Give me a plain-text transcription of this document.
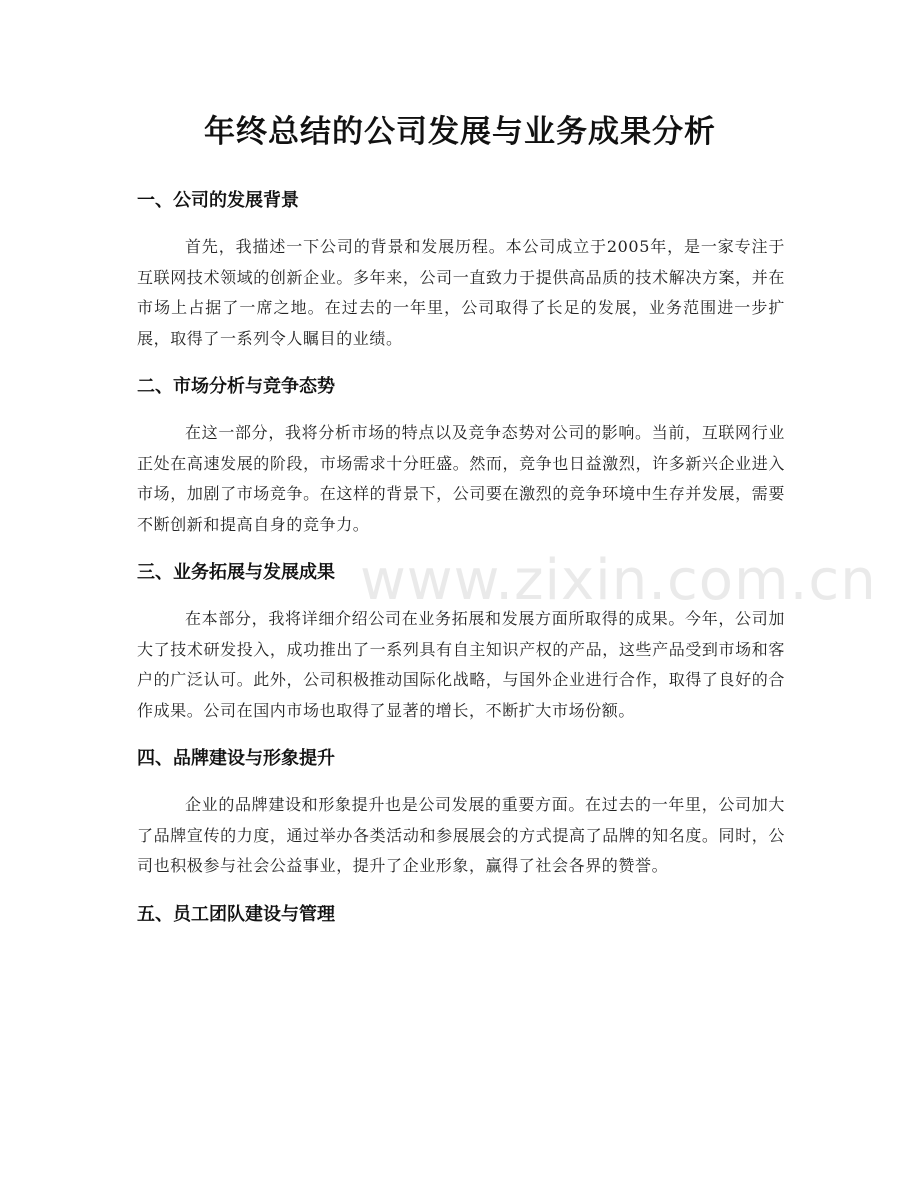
年终总结的公司发展与业务成果分析
一、公司的发展背景

首先，我描述一下公司的背景和发展历程。本公司成立于2005年，是一家专注于互联网技术领域的创新企业。多年来，公司一直致力于提供高品质的技术解决方案，并在市场上占据了一席之地。在过去的一年里，公司取得了长足的发展，业务范围进一步扩展，取得了一系列令人瞩目的业绩。

二、市场分析与竞争态势

在这一部分，我将分析市场的特点以及竞争态势对公司的影响。当前，互联网行业正处在高速发展的阶段，市场需求十分旺盛。然而，竞争也日益激烈，许多新兴企业进入市场，加剧了市场竞争。在这样的背景下，公司要在激烈的竞争环境中生存并发展，需要不断创新和提高自身的竞争力。

三、业务拓展与发展成果

在本部分，我将详细介绍公司在业务拓展和发展方面所取得的成果。今年，公司加大了技术研发投入，成功推出了一系列具有自主知识产权的产品，这些产品受到市场和客户的广泛认可。此外，公司积极推动国际化战略，与国外企业进行合作，取得了良好的合作成果。公司在国内市场也取得了显著的增长，不断扩大市场份额。

四、品牌建设与形象提升

企业的品牌建设和形象提升也是公司发展的重要方面。在过去的一年里，公司加大了品牌宣传的力度，通过举办各类活动和参展展会的方式提高了品牌的知名度。同时，公司也积极参与社会公益事业，提升了企业形象，赢得了社会各界的赞誉。

五、员工团队建设与管理
www.zixin.com.cn
